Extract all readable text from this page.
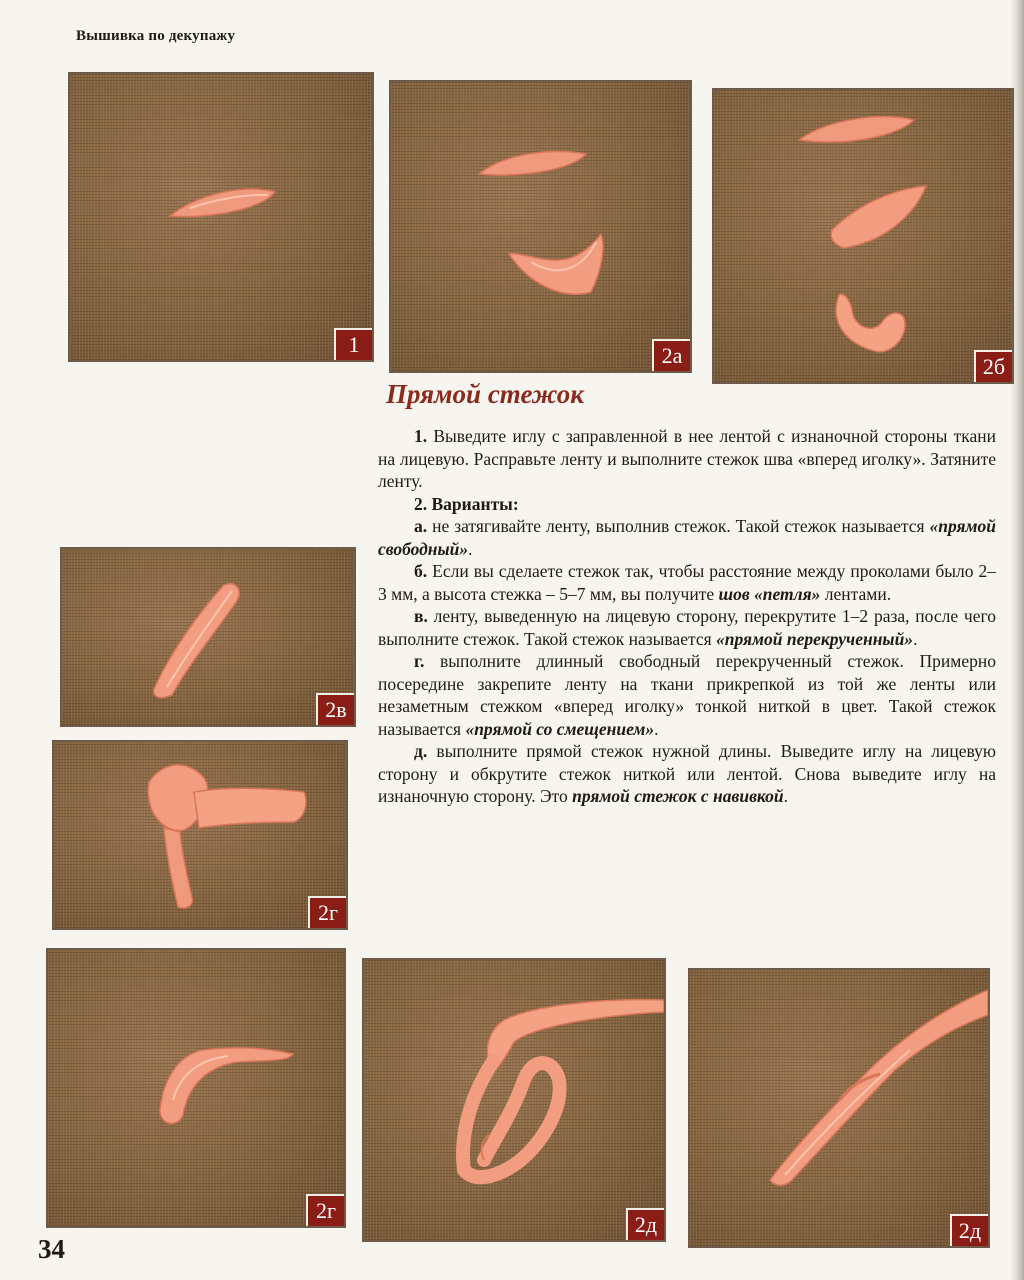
Вышивка по декупажу
1	2а	2б
Прямой стежок

1. Выведите иглу с заправленной в нее лентой с изнаночной стороны ткани на лицевую. Расправьте ленту и выполните стежок шва «вперед иголку». Затяните ленту.

2. Варианты:

а. не затягивайте ленту, выполнив стежок. Такой стежок называется «прямой свободный».

б. Если вы сделаете стежок так, чтобы расстояние между проколами было 2–3 мм, а высота стежка – 5–7 мм, вы получите шов «петля» лентами.

в. ленту, выведенную на лицевую сторону, перекрутите 1–2 раза, после чего выполните стежок. Такой стежок называется «прямой перекрученный».

г. выполните длинный свободный перекрученный стежок. Примерно посередине закрепите ленту на ткани прикрепкой из той же ленты или незаметным стежком «вперед иголку» тонкой ниткой в цвет. Такой стежок называется «прямой со смещением».

д. выполните прямой стежок нужной длины. Выведите иглу на лицевую сторону и обкрутите стежок ниткой или лентой. Снова выведите иглу на изнаночную сторону. Это прямой стежок с навивкой.

2в
2г
2г
2д	2д
34
